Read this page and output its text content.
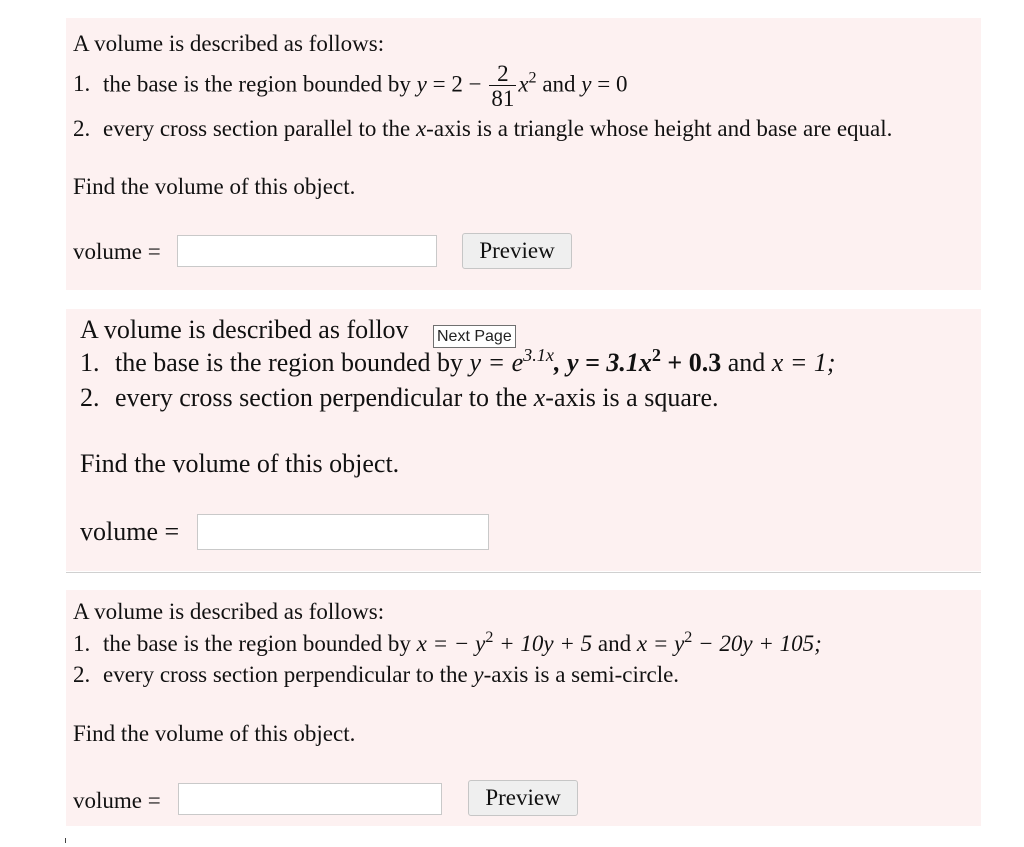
A volume is described as follows:
1. the base is the region bounded by $y = 2 - \frac{2}{81} x^2$ and y = 0
2. every cross section parallel to the x-axis is a triangle whose height and base are equal.
Find the volume of this object.
volume =	Preview
A volume is described as follov
1. the base is the region bounded by $y = e^{3.1x}$, $y = 3.1x^2 + 0.3$ and x = 1;
2. every cross section perpendicular to the x-axis is a square.
Find the volume of this object.
volume =
A volume is described as follows:
1. the base is the region bounded by x = − $y^2 + 10y + 5$ and $x = y^2 - 20y + 105$;
2. every cross section perpendicular to the y-axis is a semi-circle.
Find the volume of this object.
volume =	Preview
Next Page
